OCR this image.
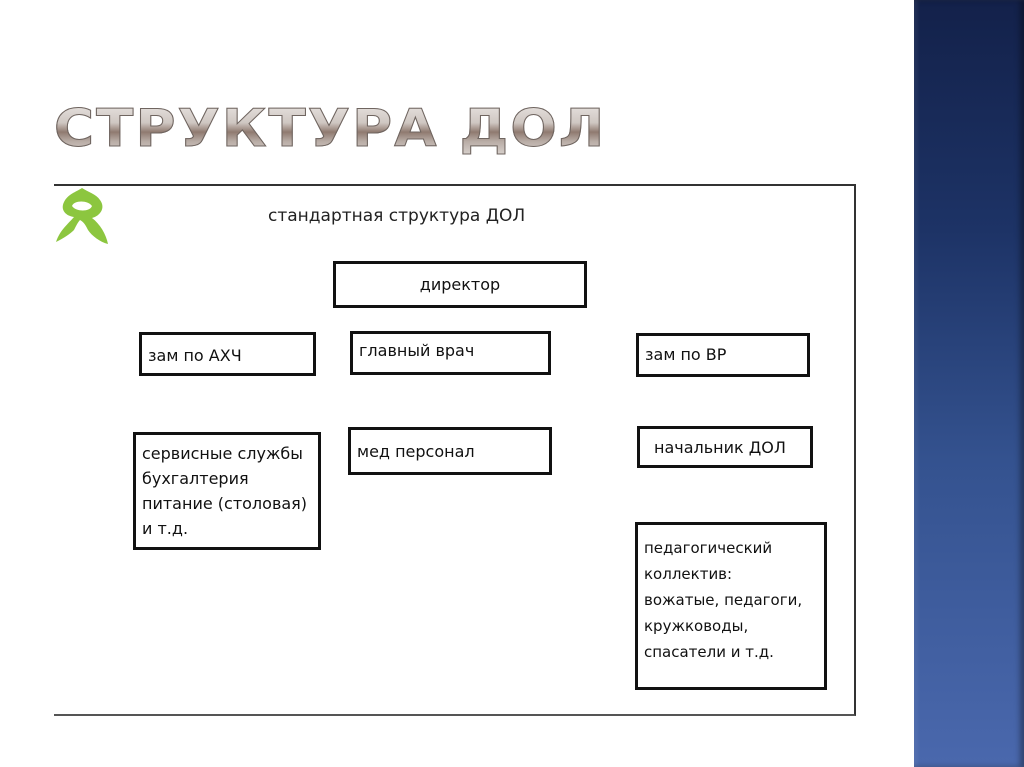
СТРУКТУРА ДОЛ
стандартная структура ДОЛ
директор
зам по АХЧ
сервисные службы
бухгалтерия
питание (столовая)
и т.д.
главный врач
мед персонал
зам по ВР
начальник ДОЛ
педагогический
коллектив:
вожатые, педагоги,
кружководы,
спасатели и т.д.
